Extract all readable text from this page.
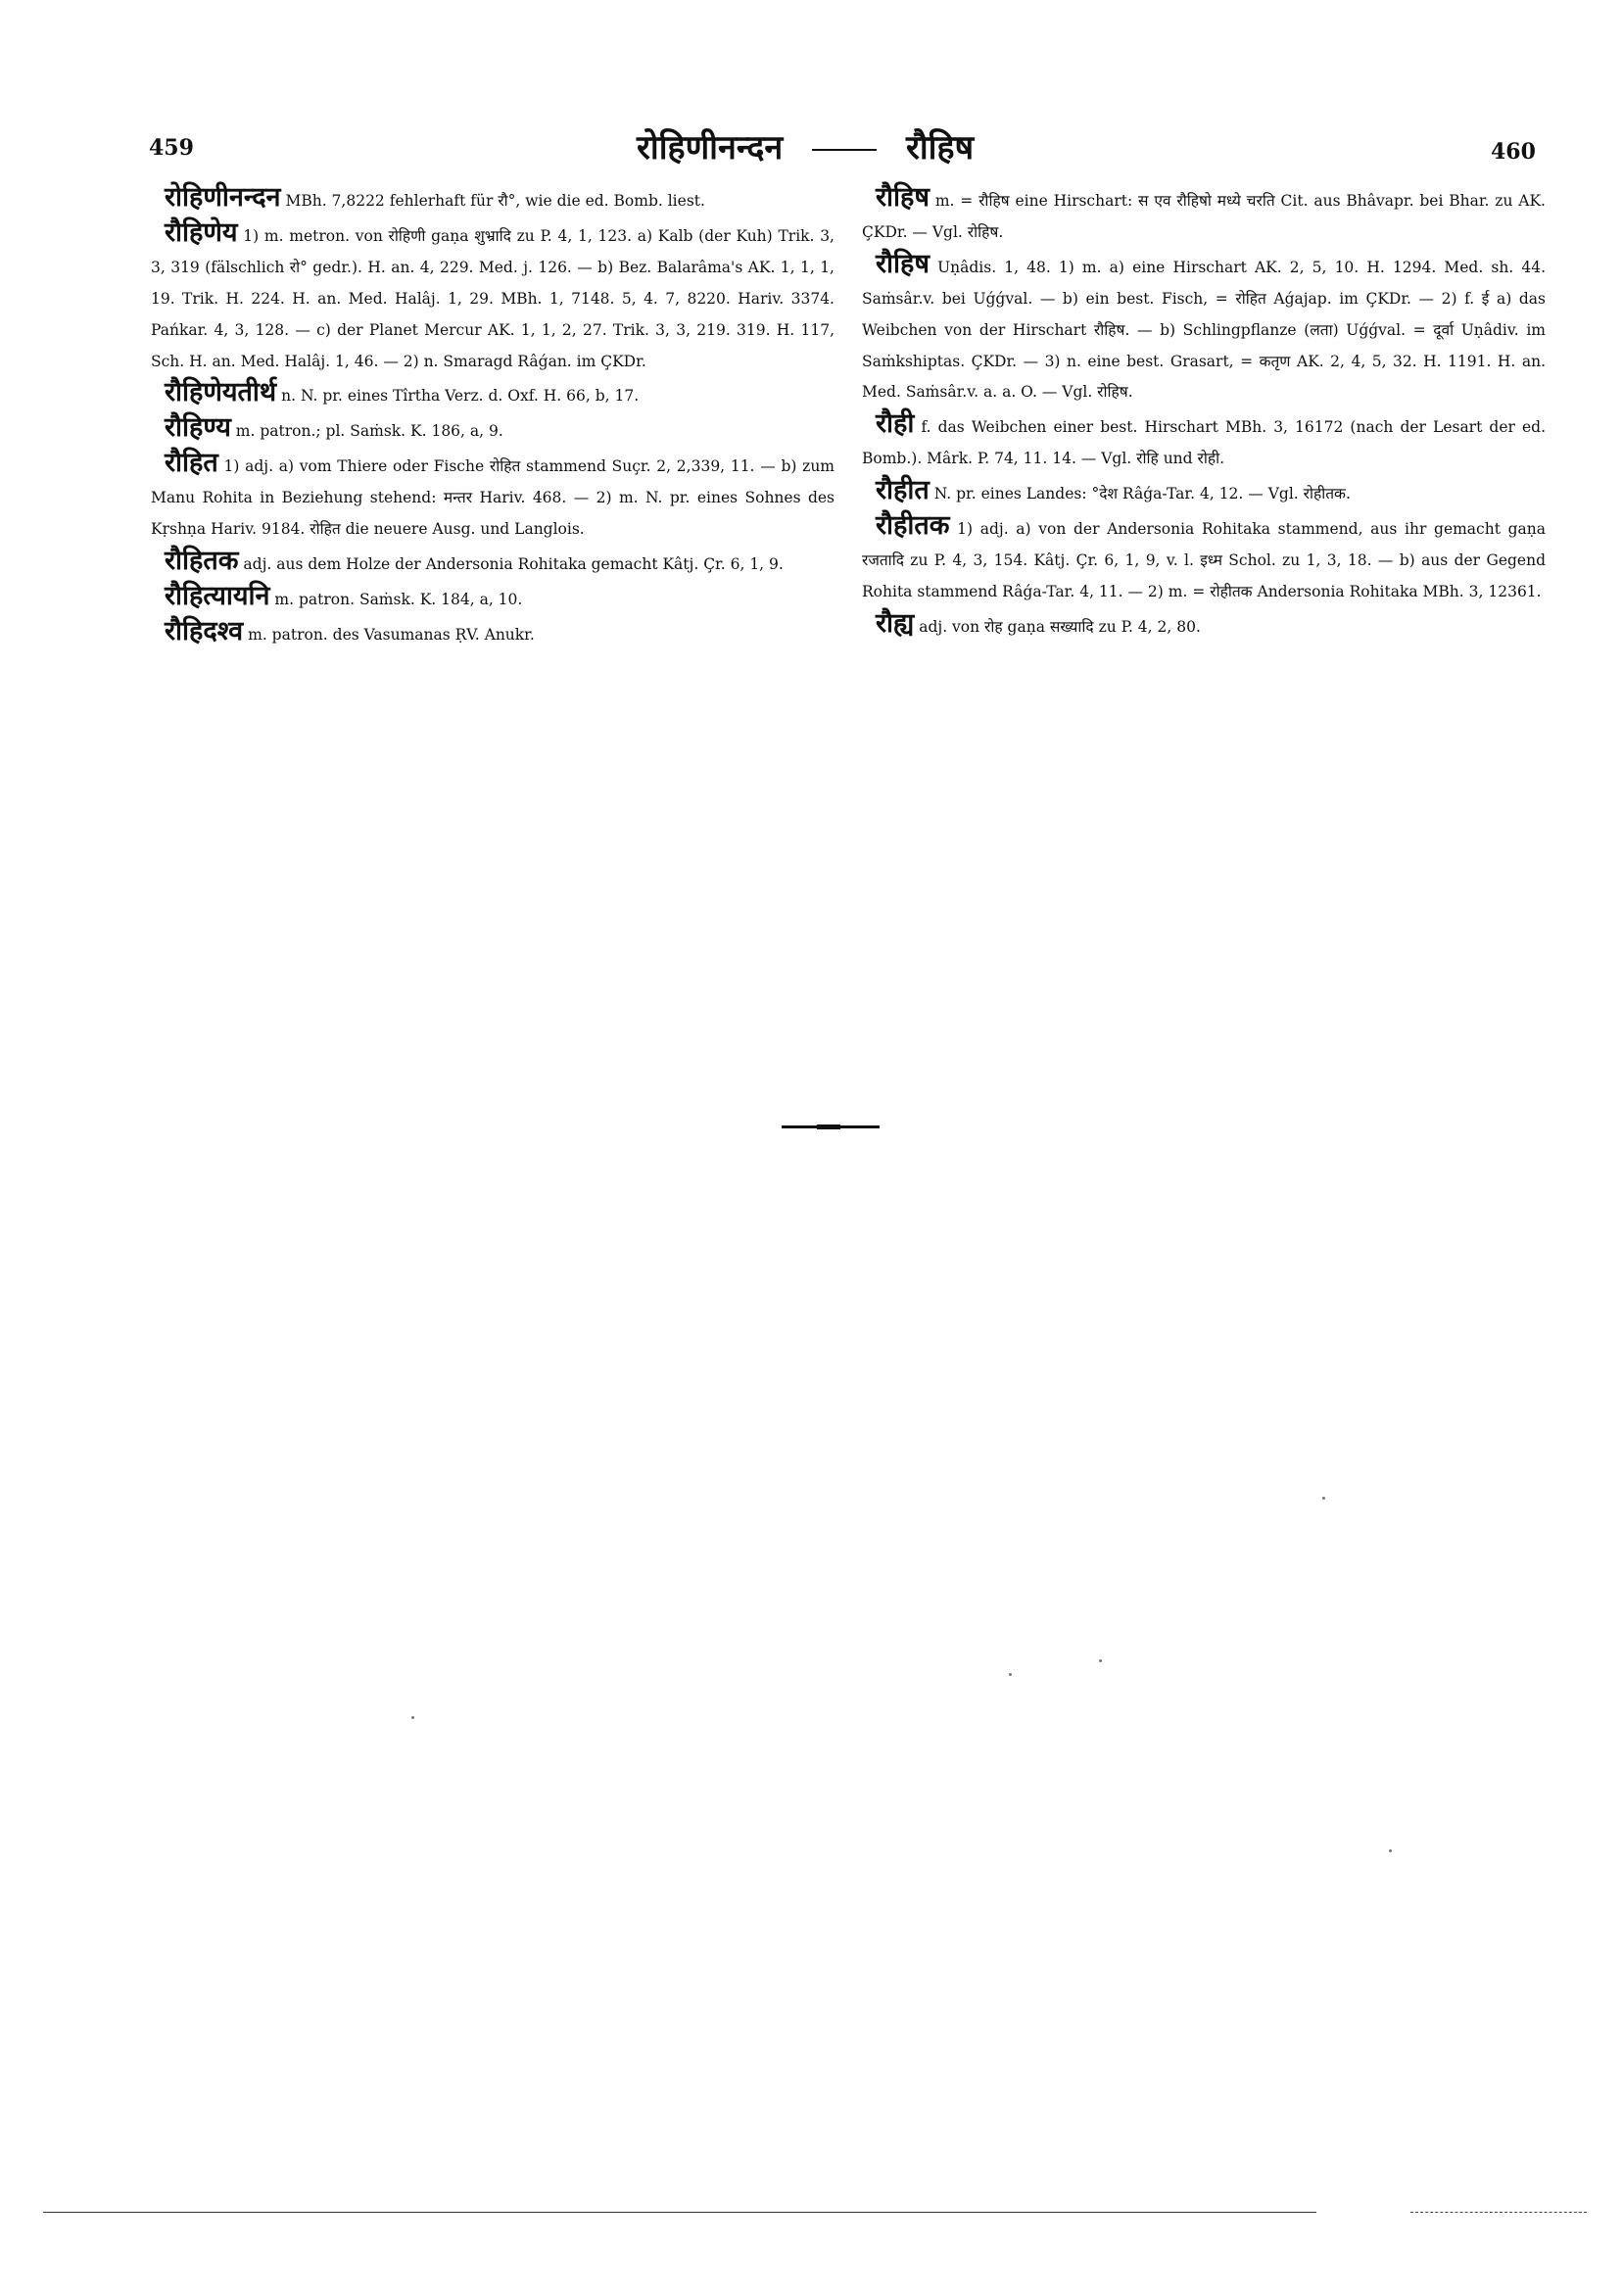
459	रोहिणीनन्दन	रौहिष	460

रोहिणीनन्दन MBh. 7,8222 fehlerhaft für रौ°, wie die ed. Bomb. liest.

रौहिणेय 1) m. metron. von रोहिणी gaṇa शुभ्रादि zu P. 4, 1, 123. a) Kalb (der Kuh) Trik. 3, 3, 319 (fälschlich रो° gedr.). H. an. 4, 229. Med. j. 126. — b) Bez. Balarâma's AK. 1, 1, 1, 19. Trik. H. 224. H. an. Med. Halâj. 1, 29. MBh. 1, 7148. 5, 4. 7, 8220. Hariv. 3374. Pańkar. 4, 3, 128. — c) der Planet Mercur AK. 1, 1, 2, 27. Trik. 3, 3, 219. 319. H. 117, Sch. H. an. Med. Halâj. 1, 46. — 2) n. Smaragd Râǵan. im ÇKDr.

रौहिणेयतीर्थ n. N. pr. eines Tîrtha Verz. d. Oxf. H. 66, b, 17.

रौहिण्य m. patron.; pl. Saṁsk. K. 186, a, 9.

रौहित 1) adj. a) vom Thiere oder Fische रोहित stammend Suçr. 2, 2,339, 11. — b) zum Manu Rohita in Beziehung stehend: मन्तर Hariv. 468. — 2) m. N. pr. eines Sohnes des Kṛshṇa Hariv. 9184. रोहित die neuere Ausg. und Langlois.

रौहितक adj. aus dem Holze der Andersonia Rohitaka gemacht Kâtj. Çr. 6, 1, 9.

रौहित्यायनि m. patron. Saṁsk. K. 184, a, 10.

रौहिदश्व m. patron. des Vasumanas ṚV. Anukr.

रौहिष m. = रौहिष eine Hirschart: स एव रौहिषो मध्ये चरति Cit. aus Bhâvapr. bei Bhar. zu AK. ÇKDr. — Vgl. रोहिष.

रौहिष Uṇâdis. 1, 48. 1) m. a) eine Hirschart AK. 2, 5, 10. H. 1294. Med. sh. 44. Saṁsâr.v. bei Uǵǵval. — b) ein best. Fisch, = रोहित Aǵajap. im ÇKDr. — 2) f. ई a) das Weibchen von der Hirschart रौहिष. — b) Schlingpflanze (लता) Uǵǵval. = दूर्वा Uṇâdiv. im Saṁkshiptas. ÇKDr. — 3) n. eine best. Grasart, = कतृण AK. 2, 4, 5, 32. H. 1191. H. an. Med. Saṁsâr.v. a. a. O. — Vgl. रोहिष.

रौही f. das Weibchen einer best. Hirschart MBh. 3, 16172 (nach der Lesart der ed. Bomb.). Mârk. P. 74, 11. 14. — Vgl. रोहि und रोही.

रौहीत N. pr. eines Landes: °देश Râǵa-Tar. 4, 12. — Vgl. रोहीतक.

रौहीतक 1) adj. a) von der Andersonia Rohitaka stammend, aus ihr gemacht gaṇa रजतादि zu P. 4, 3, 154. Kâtj. Çr. 6, 1, 9, v. l. इध्म Schol. zu 1, 3, 18. — b) aus der Gegend Rohita stammend Râǵa-Tar. 4, 11. — 2) m. = रोहीतक Andersonia Rohitaka MBh. 3, 12361.

रौह्य adj. von रोह gaṇa सख्यादि zu P. 4, 2, 80.
